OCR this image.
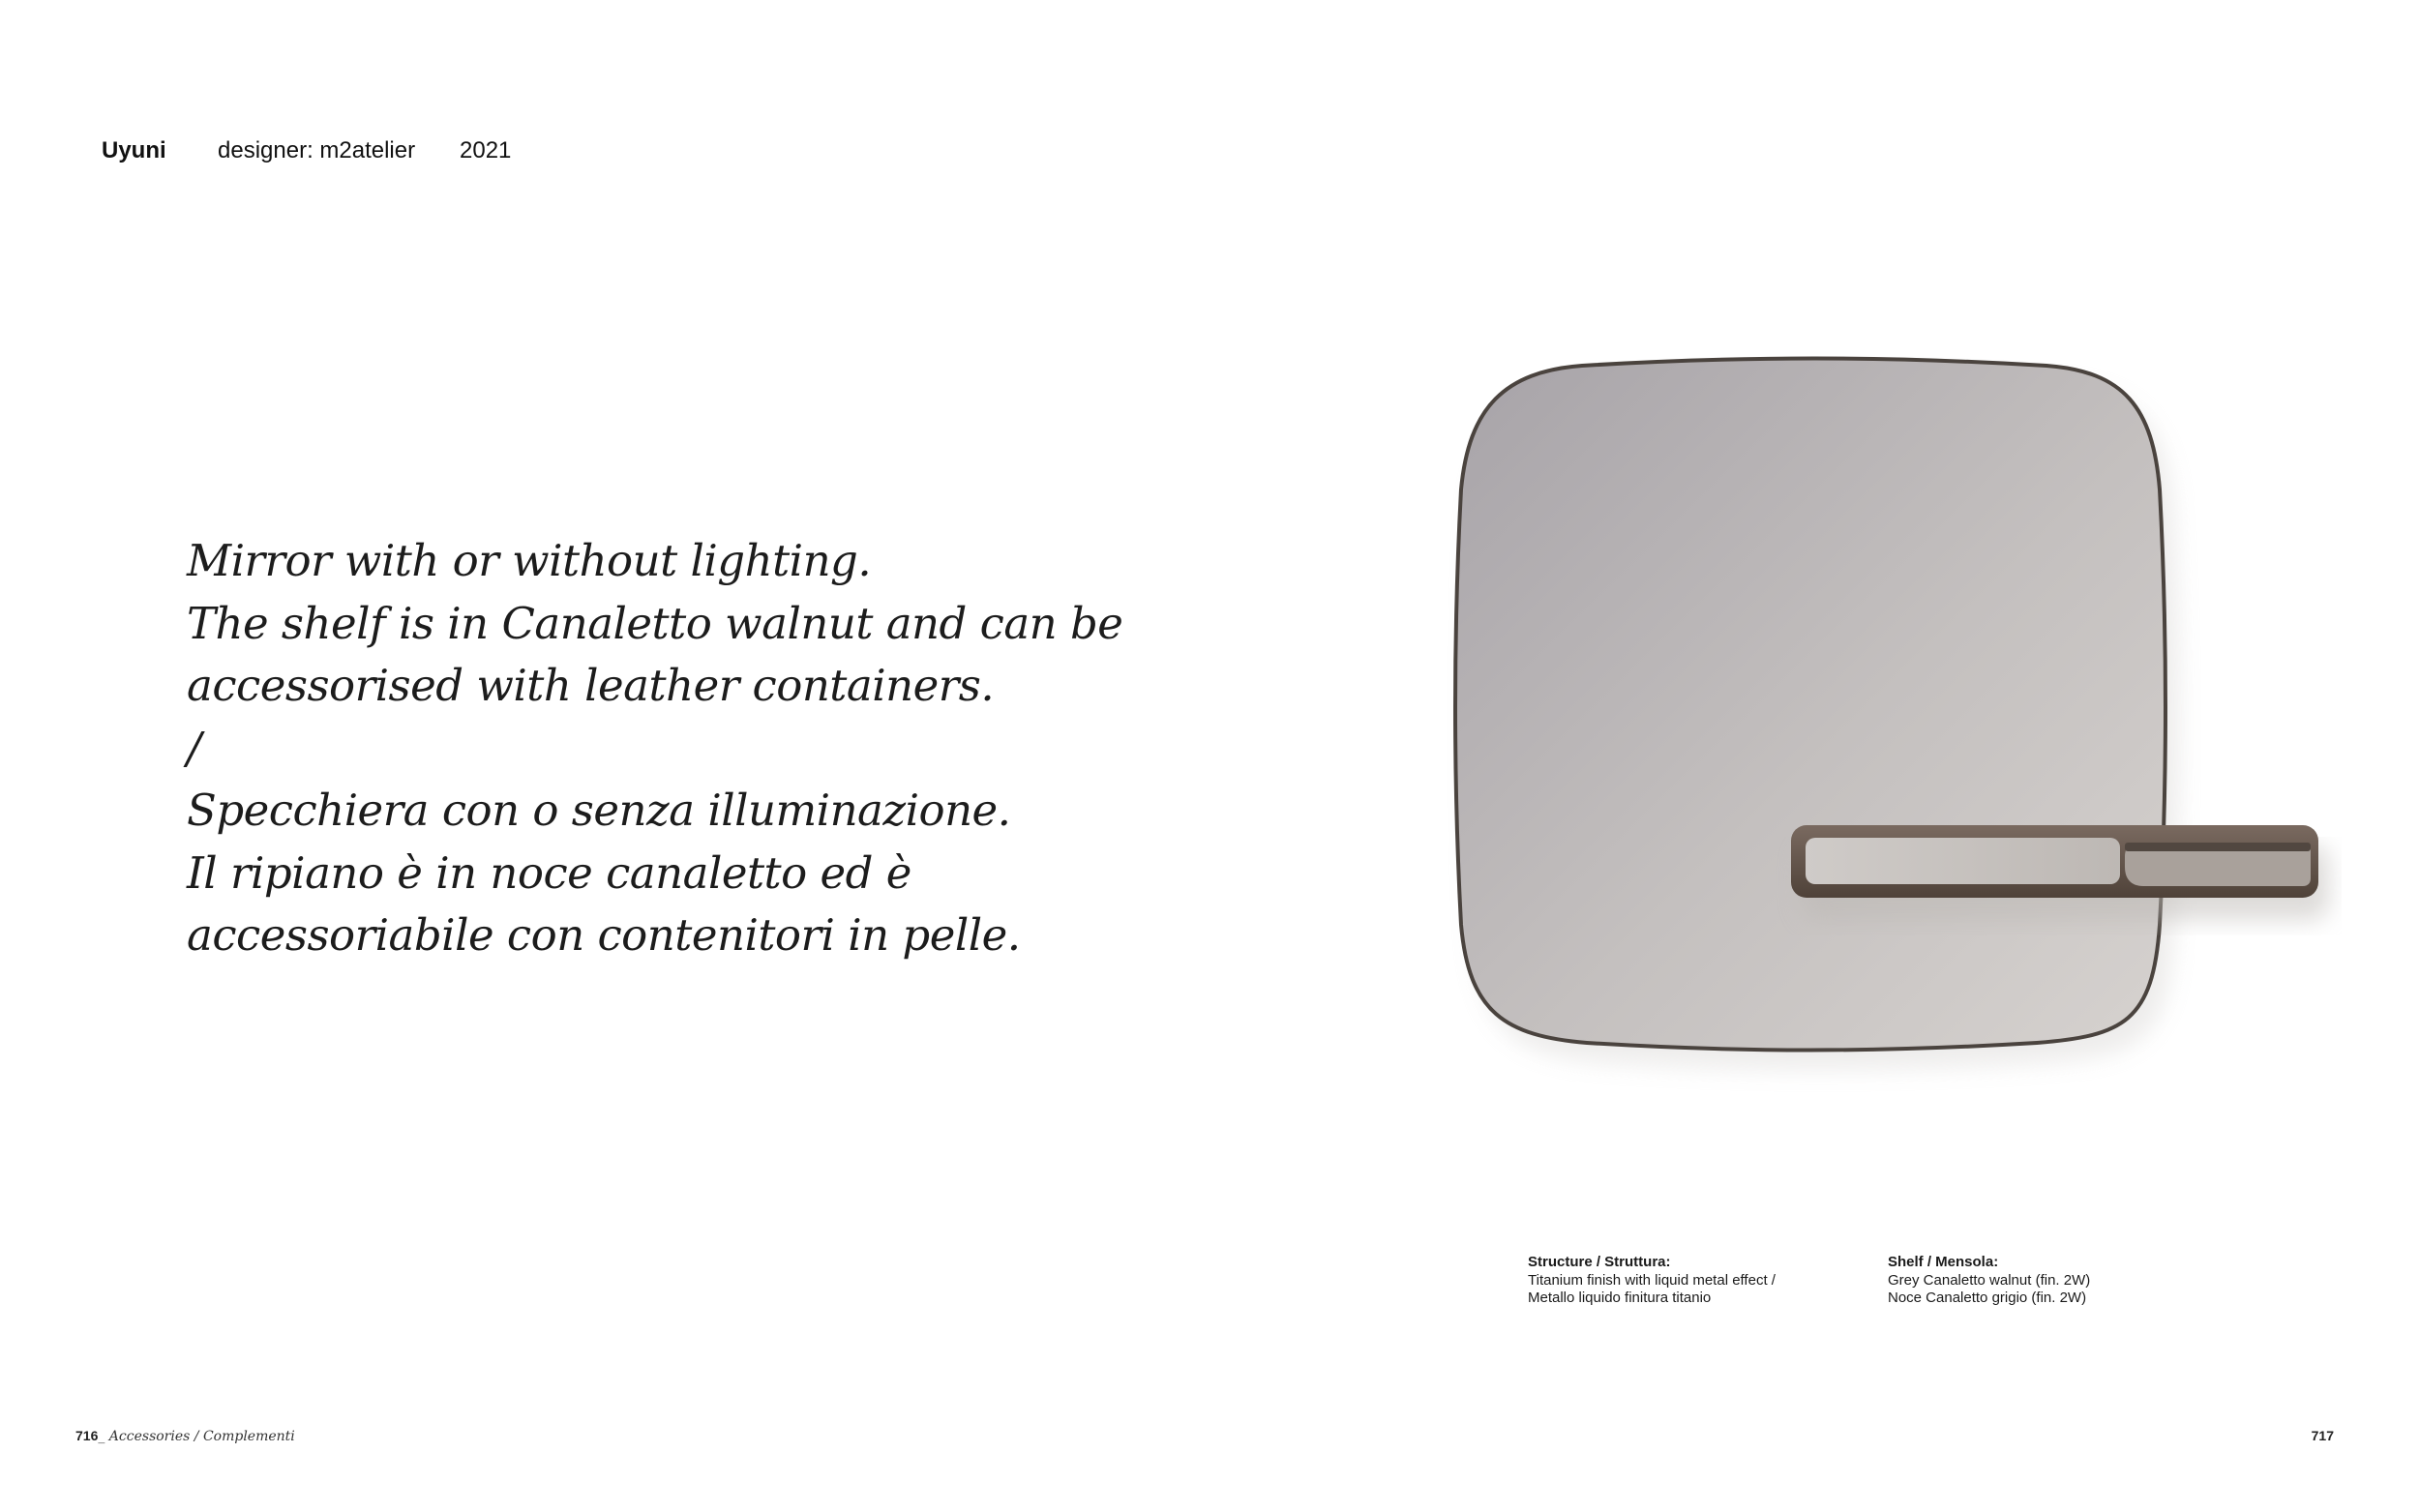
Uyuni designer: m2atelier 2021
Mirror with or without lighting.
The shelf is in Canaletto walnut and can be
accessorised with leather containers.
/
Specchiera con o senza illuminazione.
Il ripiano è in noce canaletto ed è
accessoriabile con contenitori in pelle.
Structure / Struttura:
Titanium finish with liquid metal effect /
Metallo liquido finitura titanio
Shelf / Mensola:
Grey Canaletto walnut (fin. 2W)
Noce Canaletto grigio (fin. 2W)
716_ Accessories / Complementi	717
